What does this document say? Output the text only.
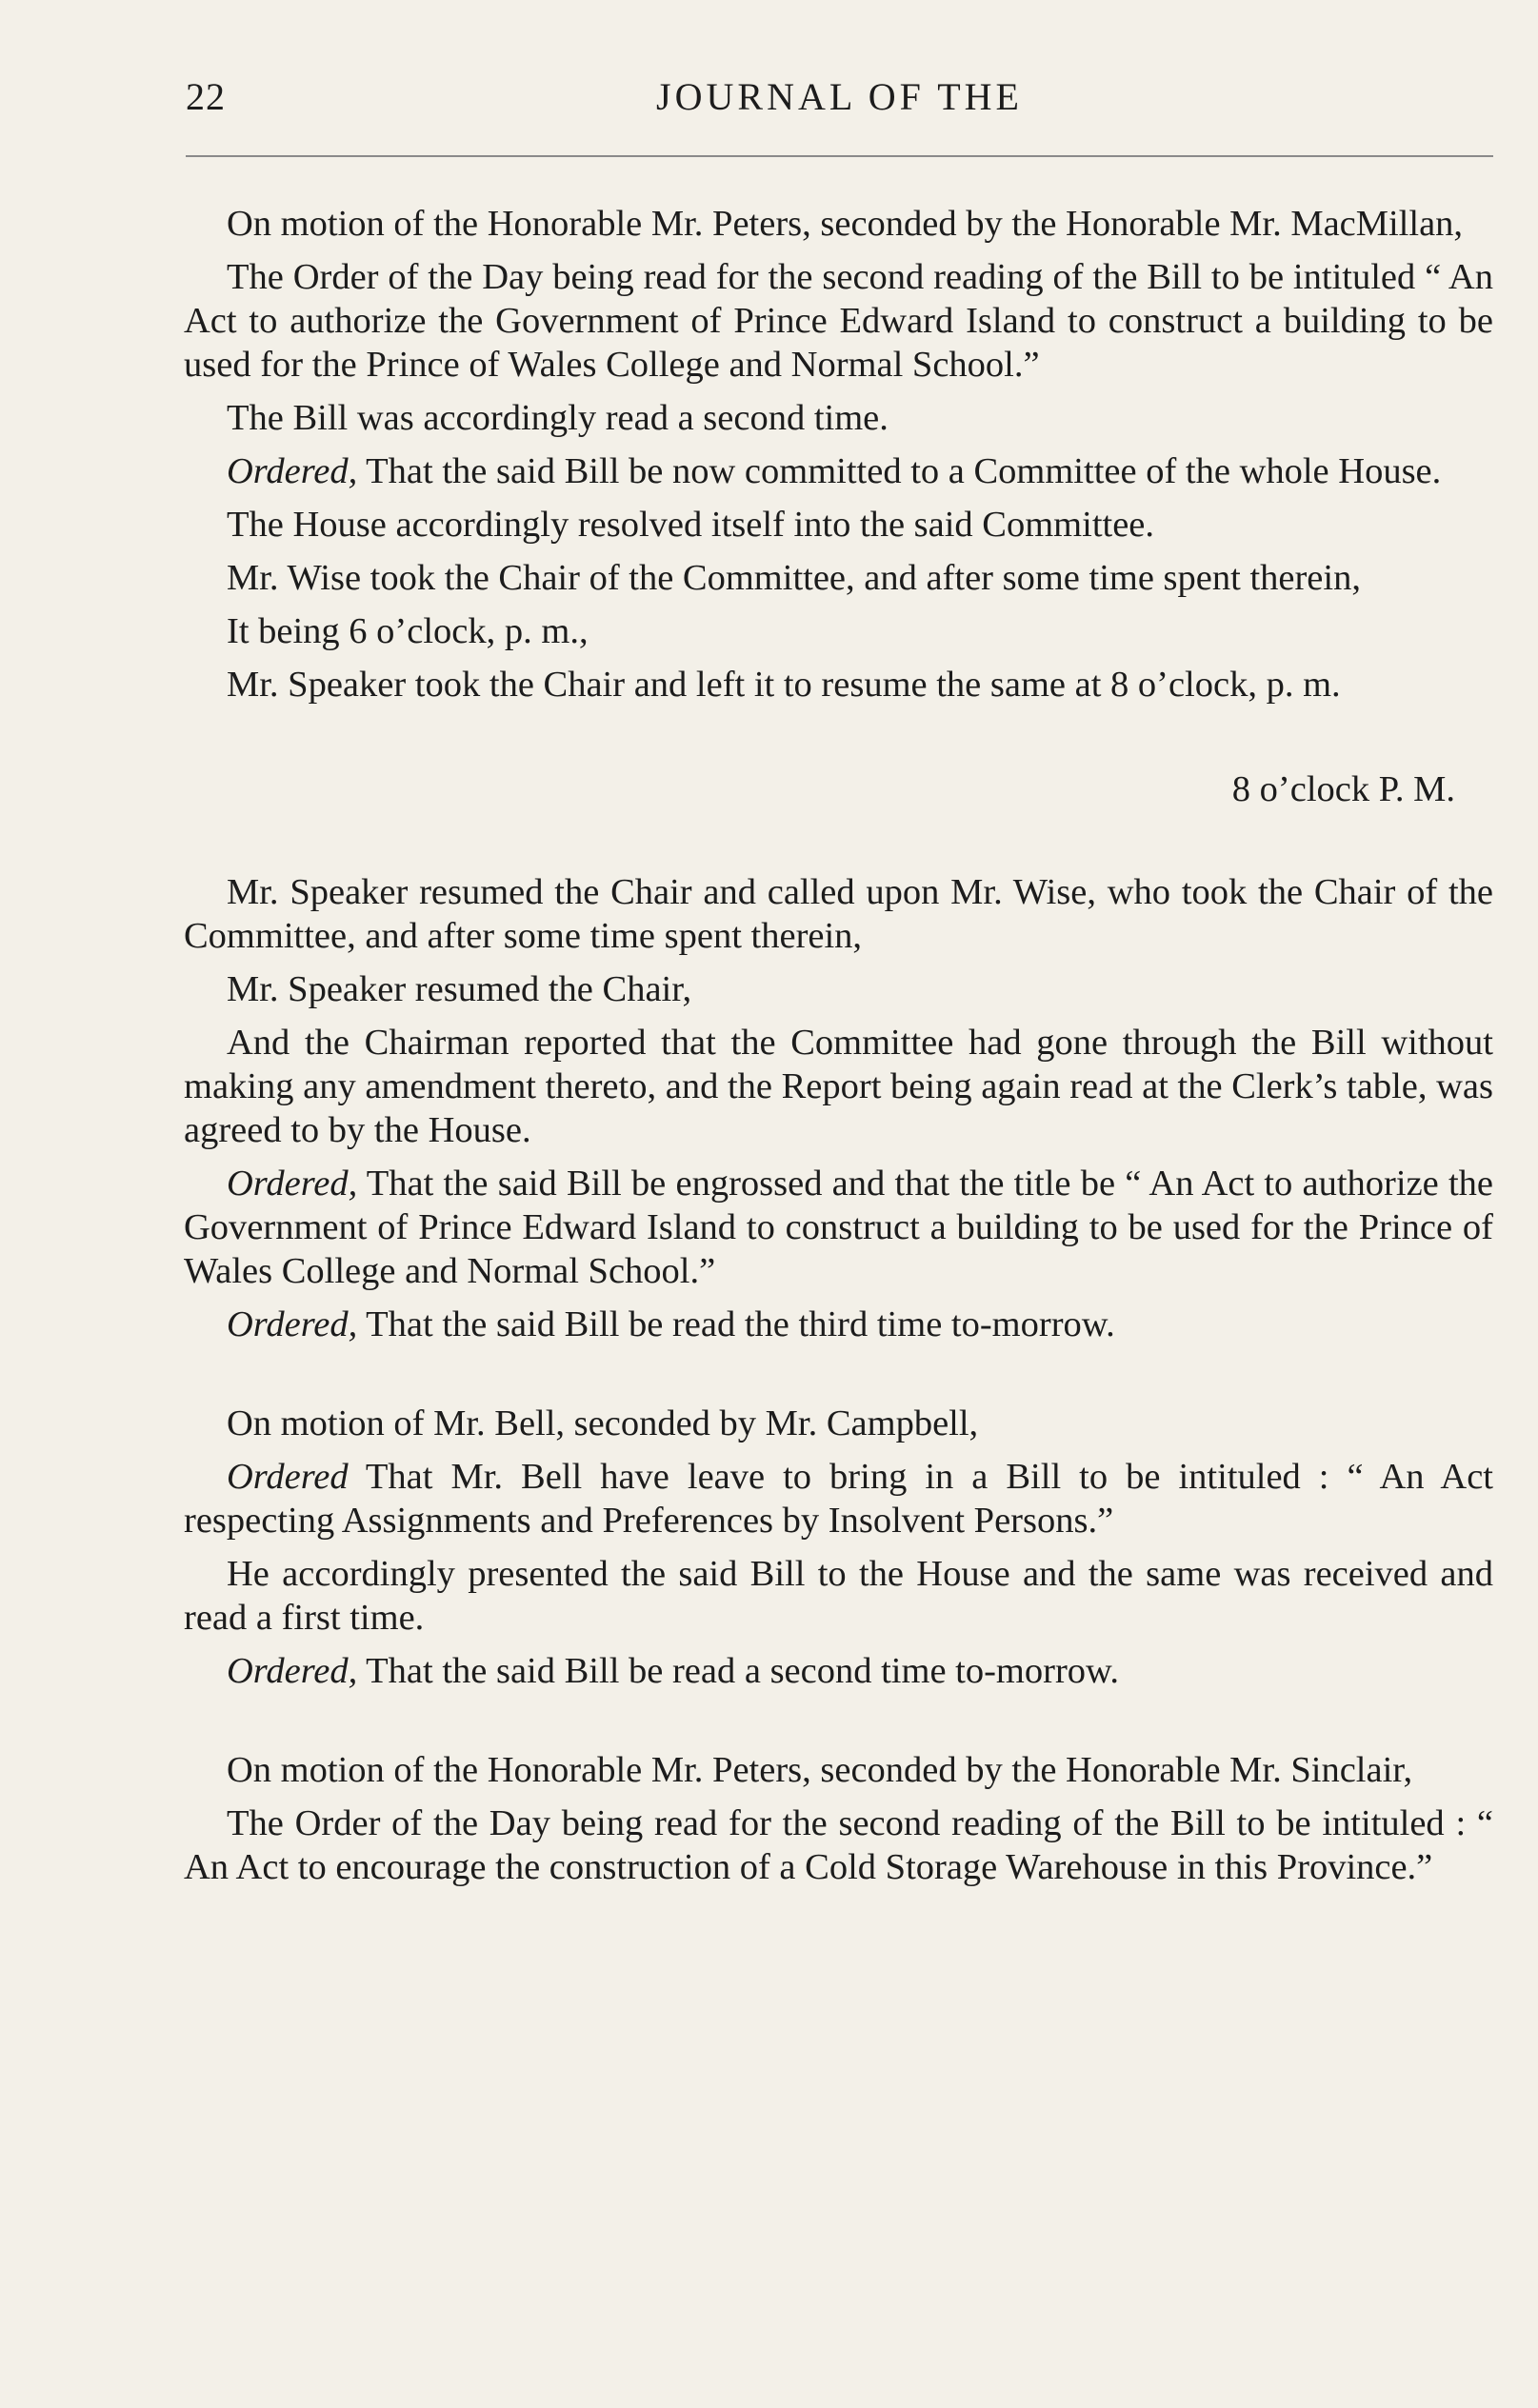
22	JOURNAL OF THE

On motion of the Honorable Mr. Peters, seconded by the Honorable Mr. MacMillan,

The Order of the Day being read for the second reading of the Bill to be intituled “ An Act to authorize the Government of Prince Edward Island to construct a building to be used for the Prince of Wales College and Normal School.”

The Bill was accordingly read a second time.

Ordered, That the said Bill be now committed to a Committee of the whole House.

The House accordingly resolved itself into the said Committee.

Mr. Wise took the Chair of the Committee, and after some time spent therein,

It being 6 o’clock, p. m.,

Mr. Speaker took the Chair and left it to resume the same at 8 o’clock, p. m.

8 o’clock P. M.

Mr. Speaker resumed the Chair and called upon Mr. Wise, who took the Chair of the Committee, and after some time spent therein,

Mr. Speaker resumed the Chair,

And the Chairman reported that the Committee had gone through the Bill without making any amendment thereto, and the Report being again read at the Clerk’s table, was agreed to by the House.

Ordered, That the said Bill be engrossed and that the title be “ An Act to authorize the Government of Prince Edward Island to construct a building to be used for the Prince of Wales College and Normal School.”

Ordered, That the said Bill be read the third time to-morrow.

On motion of Mr. Bell, seconded by Mr. Campbell,

Ordered That Mr. Bell have leave to bring in a Bill to be intituled : “ An Act respecting Assignments and Preferences by Insolvent Persons.”

He accordingly presented the said Bill to the House and the same was received and read a first time.

Ordered, That the said Bill be read a second time to-morrow.

On motion of the Honorable Mr. Peters, seconded by the Honorable Mr. Sinclair,

The Order of the Day being read for the second reading of the Bill to be intituled : “ An Act to encourage the construction of a Cold Storage Warehouse in this Province.”
